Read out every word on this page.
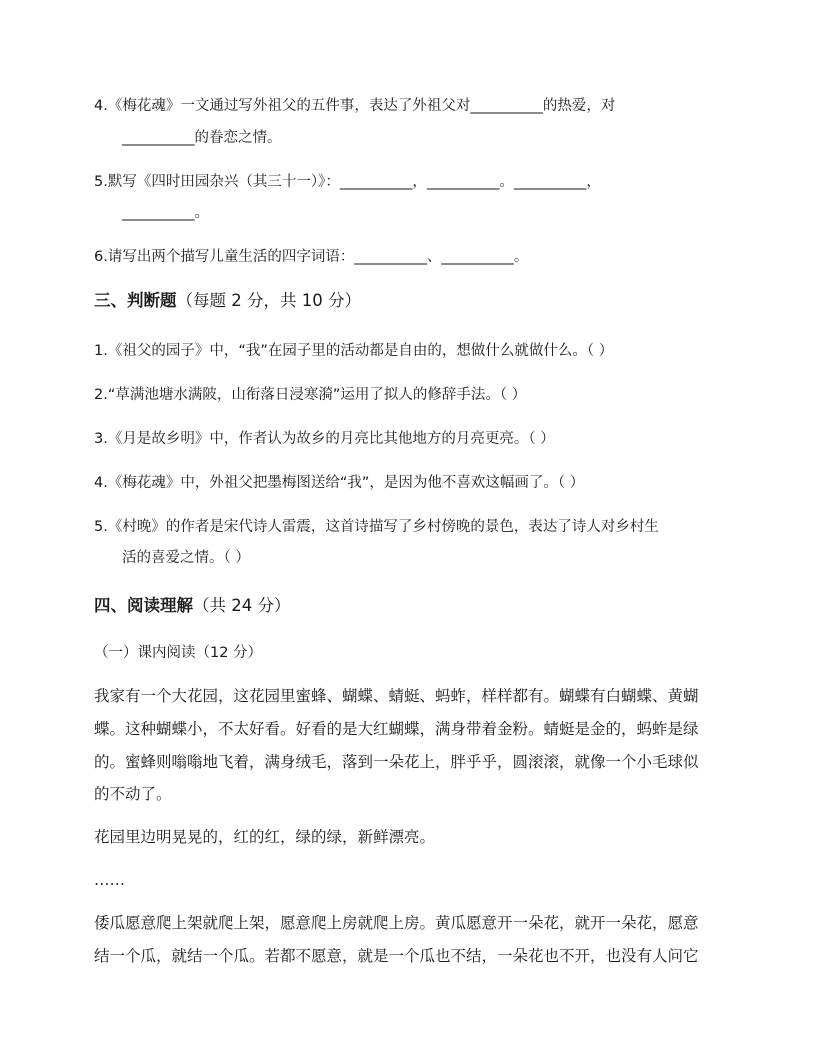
4.《梅花魂》一文通过写外祖父的五件事，表达了外祖父对__________的热爱，对
__________的眷恋之情。
5.默写《四时田园杂兴（其三十一）》：__________，__________。__________，
__________。
6.请写出两个描写儿童生活的四字词语：__________、__________。
三、判断题（每题 2 分，共 10 分）
1.《祖父的园子》中，“我”在园子里的活动都是自由的，想做什么就做什么。（ ）
2.“草满池塘水满陂，山衔落日浸寒漪”运用了拟人的修辞手法。（ ）
3.《月是故乡明》中，作者认为故乡的月亮比其他地方的月亮更亮。（ ）
4.《梅花魂》中，外祖父把墨梅图送给“我”，是因为他不喜欢这幅画了。（ ）
5.《村晚》的作者是宋代诗人雷震，这首诗描写了乡村傍晚的景色，表达了诗人对乡村生
活的喜爱之情。（ ）
四、阅读理解（共 24 分）
（一）课内阅读（12 分）
我家有一个大花园，这花园里蜜蜂、蝴蝶、蜻蜓、蚂蚱，样样都有。蝴蝶有白蝴蝶、黄蝴
蝶。这种蝴蝶小，不太好看。好看的是大红蝴蝶，满身带着金粉。蜻蜓是金的，蚂蚱是绿
的。蜜蜂则嗡嗡地飞着，满身绒毛，落到一朵花上，胖乎乎，圆滚滚，就像一个小毛球似
的不动了。
花园里边明晃晃的，红的红，绿的绿，新鲜漂亮。
……
倭瓜愿意爬上架就爬上架，愿意爬上房就爬上房。黄瓜愿意开一朵花，就开一朵花，愿意
结一个瓜，就结一个瓜。若都不愿意，就是一个瓜也不结，一朵花也不开，也没有人问它
